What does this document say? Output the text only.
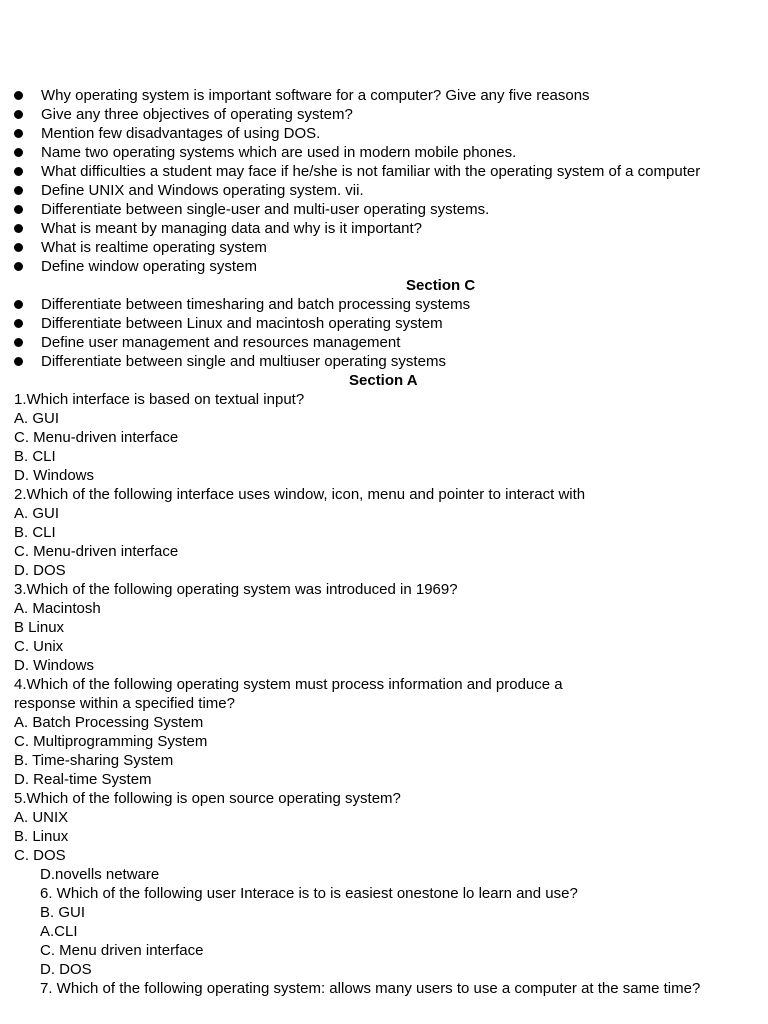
Why operating system is important software for a computer? Give any five reasons
Give any three objectives of operating system?
Mention few disadvantages of using DOS.
Name two operating systems which are used in modern mobile phones.
What difficulties a student may face if he/she is not familiar with the operating system of a computer
Define UNIX and Windows operating system. vii.
Differentiate between single-user and multi-user operating systems.
What is meant by managing data and why is it important?
What is realtime operating system
Define window operating system
Section C
Differentiate between timesharing and batch processing systems
Differentiate between Linux and macintosh operating system
Define user management and resources management
Differentiate between single and multiuser operating systems
Section A
1.Which interface is based on textual input?
A. GUI
C. Menu-driven interface
B. CLI
D. Windows
2.Which of the following interface uses window, icon, menu and pointer to interact with
A. GUI
B. CLI
C. Menu-driven interface
D. DOS
3.Which of the following operating system was introduced in 1969?
A. Macintosh
B Linux
C. Unix
D. Windows
4.Which of the following operating system must process information and produce a
response within a specified time?
A. Batch Processing System
C. Multiprogramming System
B. Time-sharing System
D. Real-time System
5.Which of the following is open source operating system?
A. UNIX
B. Linux
C. DOS
D.novells netware
6. Which of the following user Interace is to is easiest onestone lo learn and use?
B. GUI
A.CLI
C. Menu driven interface
D. DOS
7. Which of the following operating system: allows many users to use a computer at the same time?
